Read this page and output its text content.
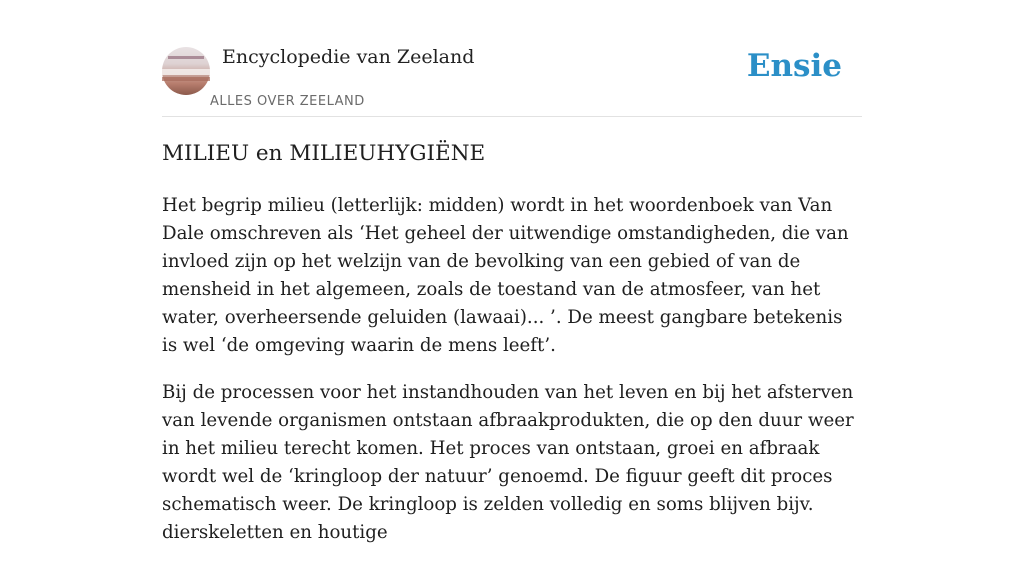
Encyclopedie van Zeeland
ALLES OVER ZEELAND
Ensie
MILIEU en MILIEUHYGIËNE

Het begrip milieu (letterlijk: midden) wordt in het woordenboek van Van Dale omschreven als ‘Het geheel der uitwendige omstandigheden, die van invloed zijn op het welzijn van de bevolking van een gebied of van de mensheid in het algemeen, zoals de toestand van de atmosfeer, van het water, overheersende geluiden (lawaai)... ’. De meest gangbare betekenis is wel ‘de omgeving waarin de mens leeft’.

Bij de processen voor het instandhouden van het leven en bij het afsterven van levende organismen ontstaan afbraakprodukten, die op den duur weer in het milieu terecht komen. Het proces van ontstaan, groei en afbraak wordt wel de ‘kringloop der natuur’ genoemd. De figuur geeft dit proces schematisch weer. De kringloop is zelden volledig en soms blijven bijv. dierskeletten en houtige
